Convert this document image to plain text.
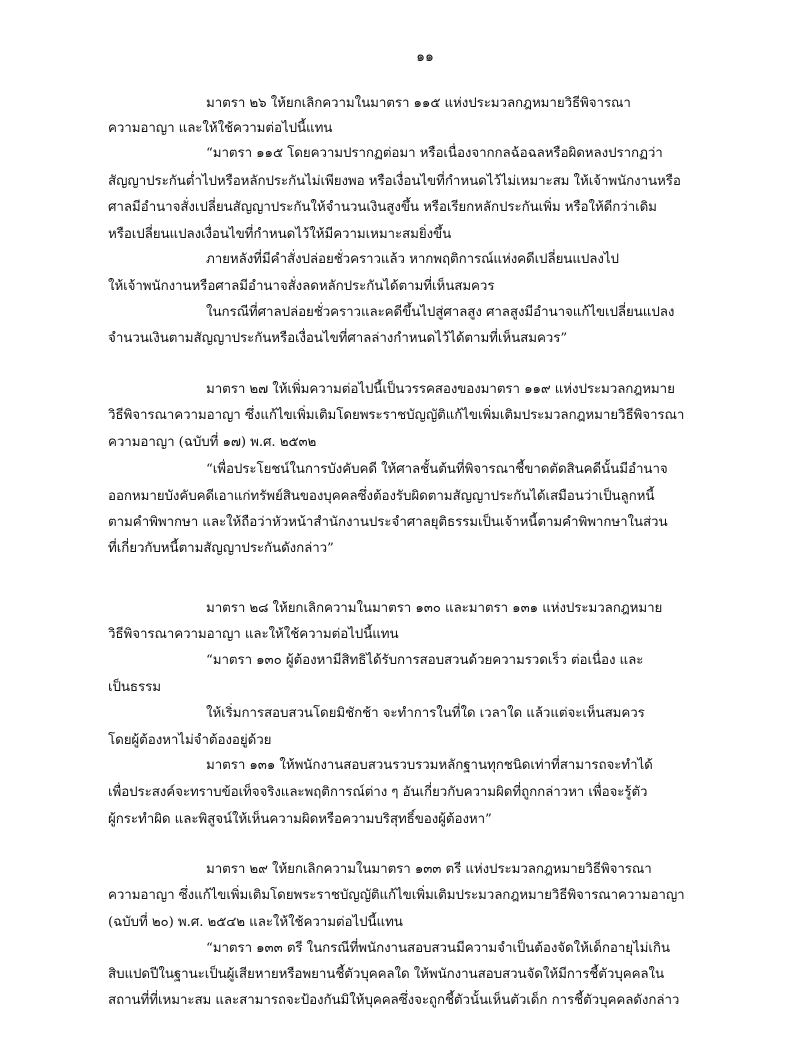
๑๑
มาตรา ๒๖ ให้ยกเลิกความในมาตรา ๑๑๕ แห่งประมวลกฎหมายวิธีพิจารณา
ความอาญา และให้ใช้ความต่อไปนี้แทน
“มาตรา ๑๑๕ โดยความปรากฏต่อมา หรือเนื่องจากกลฉ้อฉลหรือผิดหลงปรากฏว่า
สัญญาประกันต่ำไปหรือหลักประกันไม่เพียงพอ หรือเงื่อนไขที่กำหนดไว้ไม่เหมาะสม ให้เจ้าพนักงานหรือ
ศาลมีอำนาจสั่งเปลี่ยนสัญญาประกันให้จำนวนเงินสูงขึ้น หรือเรียกหลักประกันเพิ่ม หรือให้ดีกว่าเดิม
หรือเปลี่ยนแปลงเงื่อนไขที่กำหนดไว้ให้มีความเหมาะสมยิ่งขึ้น
ภายหลังที่มีคำสั่งปล่อยชั่วคราวแล้ว หากพฤติการณ์แห่งคดีเปลี่ยนแปลงไป
ให้เจ้าพนักงานหรือศาลมีอำนาจสั่งลดหลักประกันได้ตามที่เห็นสมควร
ในกรณีที่ศาลปล่อยชั่วคราวและคดีขึ้นไปสู่ศาลสูง ศาลสูงมีอำนาจแก้ไขเปลี่ยนแปลง
จำนวนเงินตามสัญญาประกันหรือเงื่อนไขที่ศาลล่างกำหนดไว้ได้ตามที่เห็นสมควร”
มาตรา ๒๗ ให้เพิ่มความต่อไปนี้เป็นวรรคสองของมาตรา ๑๑๙ แห่งประมวลกฎหมาย
วิธีพิจารณาความอาญา ซึ่งแก้ไขเพิ่มเติมโดยพระราชบัญญัติแก้ไขเพิ่มเติมประมวลกฎหมายวิธีพิจารณา
ความอาญา (ฉบับที่ ๑๗) พ.ศ. ๒๕๓๒
“เพื่อประโยชน์ในการบังคับคดี ให้ศาลชั้นต้นที่พิจารณาชี้ขาดตัดสินคดีนั้นมีอำนาจ
ออกหมายบังคับคดีเอาแก่ทรัพย์สินของบุคคลซึ่งต้องรับผิดตามสัญญาประกันได้เสมือนว่าเป็นลูกหนี้
ตามคำพิพากษา และให้ถือว่าหัวหน้าสำนักงานประจำศาลยุติธรรมเป็นเจ้าหนี้ตามคำพิพากษาในส่วน
ที่เกี่ยวกับหนี้ตามสัญญาประกันดังกล่าว”
มาตรา ๒๘ ให้ยกเลิกความในมาตรา ๑๓๐ และมาตรา ๑๓๑ แห่งประมวลกฎหมาย
วิธีพิจารณาความอาญา และให้ใช้ความต่อไปนี้แทน
“มาตรา ๑๓๐ ผู้ต้องหามีสิทธิได้รับการสอบสวนด้วยความรวดเร็ว ต่อเนื่อง และ
เป็นธรรม
ให้เริ่มการสอบสวนโดยมิชักช้า จะทำการในที่ใด เวลาใด แล้วแต่จะเห็นสมควร
โดยผู้ต้องหาไม่จำต้องอยู่ด้วย
มาตรา ๑๓๑ ให้พนักงานสอบสวนรวบรวมหลักฐานทุกชนิดเท่าที่สามารถจะทำได้
เพื่อประสงค์จะทราบข้อเท็จจริงและพฤติการณ์ต่าง ๆ อันเกี่ยวกับความผิดที่ถูกกล่าวหา เพื่อจะรู้ตัว
ผู้กระทำผิด และพิสูจน์ให้เห็นความผิดหรือความบริสุทธิ์ของผู้ต้องหา”
มาตรา ๒๙ ให้ยกเลิกความในมาตรา ๑๓๓ ตรี แห่งประมวลกฎหมายวิธีพิจารณา
ความอาญา ซึ่งแก้ไขเพิ่มเติมโดยพระราชบัญญัติแก้ไขเพิ่มเติมประมวลกฎหมายวิธีพิจารณาความอาญา
(ฉบับที่ ๒๐) พ.ศ. ๒๕๔๒ และให้ใช้ความต่อไปนี้แทน
“มาตรา ๑๓๓ ตรี ในกรณีที่พนักงานสอบสวนมีความจำเป็นต้องจัดให้เด็กอายุไม่เกิน
สิบแปดปีในฐานะเป็นผู้เสียหายหรือพยานชี้ตัวบุคคลใด ให้พนักงานสอบสวนจัดให้มีการชี้ตัวบุคคลใน
สถานที่ที่เหมาะสม และสามารถจะป้องกันมิให้บุคคลซึ่งจะถูกชี้ตัวนั้นเห็นตัวเด็ก การชี้ตัวบุคคลดังกล่าว
